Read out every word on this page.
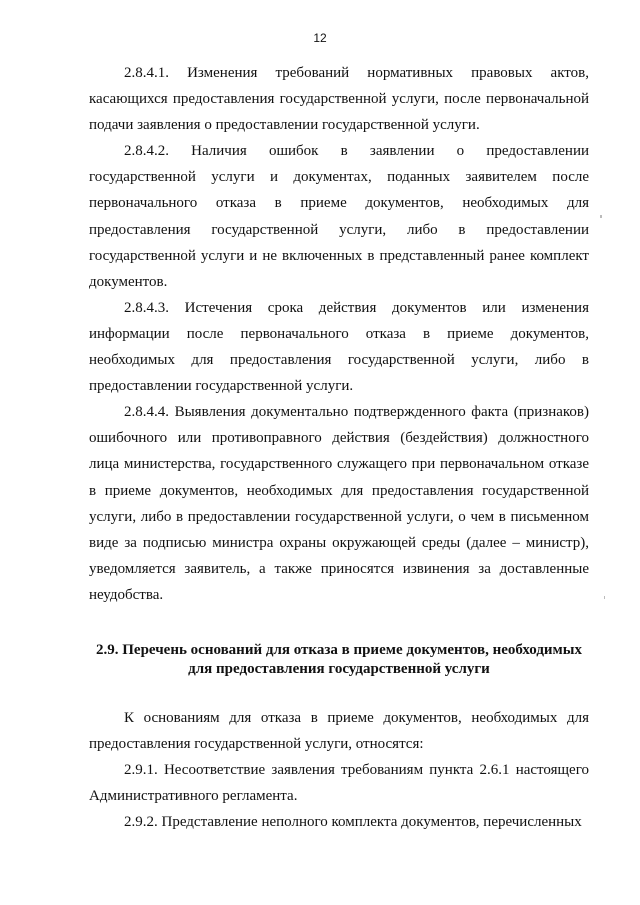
12

2.8.4.1. Изменения требований нормативных правовых актов, касающихся предоставления государственной услуги, после первоначальной подачи заявления о предоставлении государственной услуги.

2.8.4.2. Наличия ошибок в заявлении о предоставлении государственной услуги и документах, поданных заявителем после первоначального отказа в приеме документов, необходимых для предоставления государственной услуги, либо в предоставлении государственной услуги и не включенных в представленный ранее комплект документов.

2.8.4.3. Истечения срока действия документов или изменения информации после первоначального отказа в приеме документов, необходимых для предоставления государственной услуги, либо в предоставлении государственной услуги.

2.8.4.4. Выявления документально подтвержденного факта (признаков) ошибочного или противоправного действия (бездействия) должностного лица министерства, государственного служащего при первоначальном отказе в приеме документов, необходимых для предоставления государственной услуги, либо в предоставлении государственной услуги, о чем в письменном виде за подписью министра охраны окружающей среды (далее – министр), уведомляется заявитель, а также приносятся извинения за доставленные неудобства.

2.9. Перечень оснований для отказа в приеме документов, необходимых
для предоставления государственной услуги

К основаниям для отказа в приеме документов, необходимых для предоставления государственной услуги, относятся:

2.9.1. Несоответствие заявления требованиям пункта 2.6.1 настоящего Административного регламента.

2.9.2. Представление неполного комплекта документов, перечисленных
